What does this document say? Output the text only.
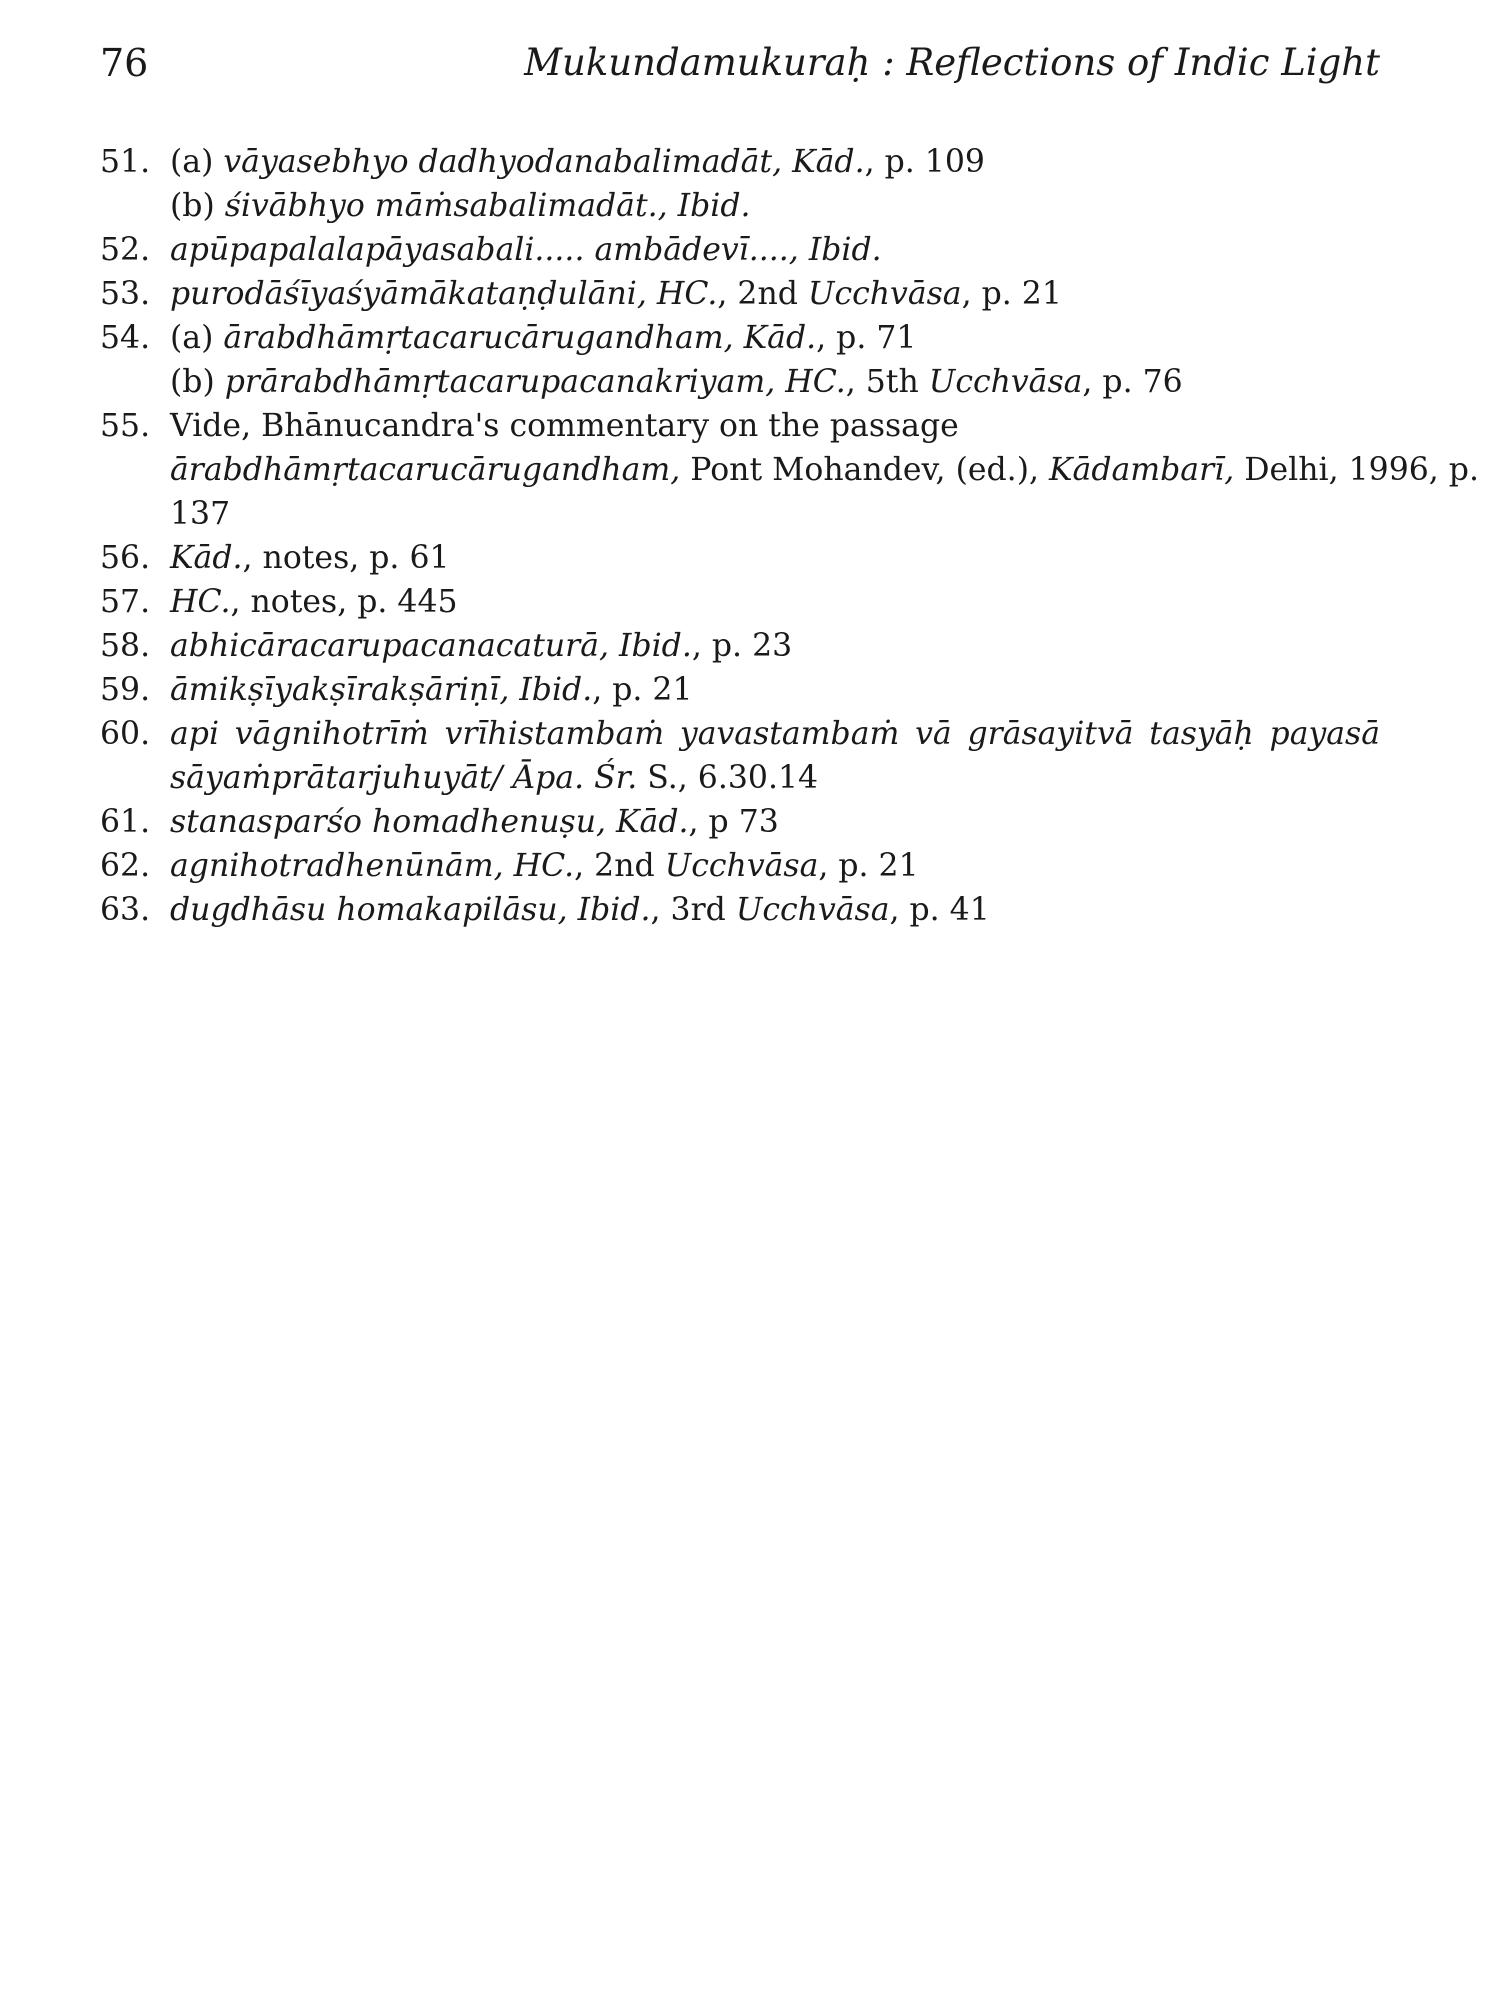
76	Mukundamukuraḥ : Reflections of Indic Light
51. (a) vāyasebhyo dadhyodanabalimadāt, Kād., p. 109
(b) śivābhyo māṁsabalimadāt., Ibid.
52. apūpapalalapāyasabali..... ambādevī...., Ibid.
53. purodāśīyaśyāmākataṇḍulāni, HC., 2nd Ucchvāsa, p. 21
54. (a) ārabdhāmṛtacarucārugandham, Kād., p. 71
(b) prārabdhāmṛtacarupacanakriyam, HC., 5th Ucchvāsa, p. 76
55. Vide, Bhānucandra's commentary on the passage
ārabdhāmṛtacarucārugandham, Pont Mohandev, (ed.), Kādambarī, Delhi, 1996, p.
137
56. Kād., notes, p. 61
57. HC., notes, p. 445
58. abhicāracarupacanacaturā, Ibid., p. 23
59. āmikṣīyakṣīrakṣāriṇī, Ibid., p. 21
60. api vāgnihotrīṁ vrīhistambaṁ yavastambaṁ vā grāsayitvā tasyāḥ payasā
sāyaṁprātarjuhuyāt/ Āpa. Śr. S., 6.30.14
61. stanasparśo homadhenuṣu, Kād., p 73
62. agnihotradhenūnām, HC., 2nd Ucchvāsa, p. 21
63. dugdhāsu homakapilāsu, Ibid., 3rd Ucchvāsa, p. 41
